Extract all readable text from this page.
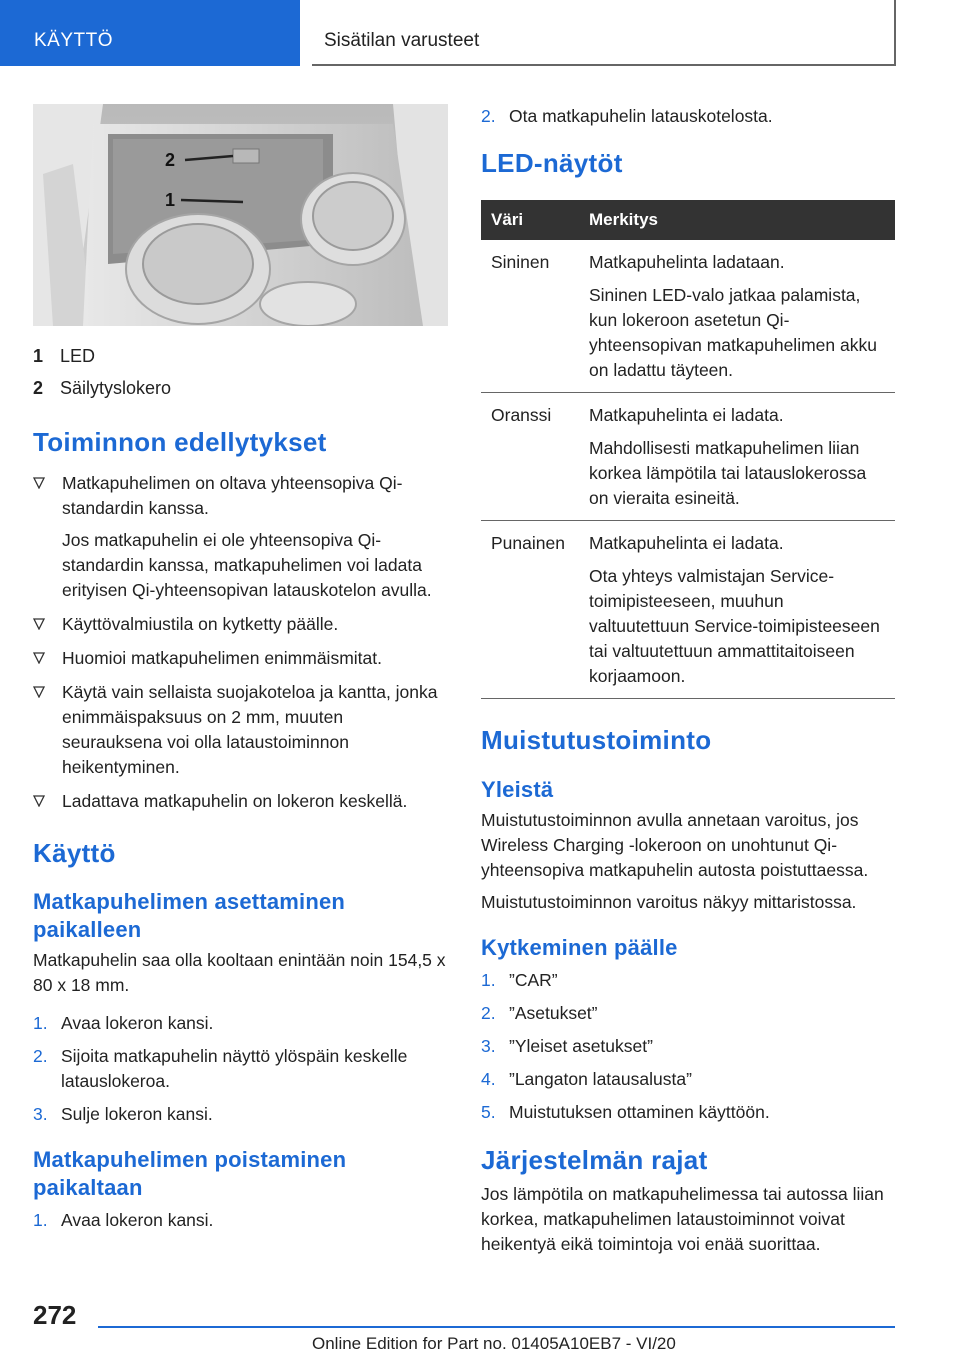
KÄYTTÖ	Sisätilan varusteet
2
1
1 LED
2 Säilytyslokero
Toiminnon edellytykset

Matkapuhelimen on oltava yhteensopiva Qi-standardin kanssa.

Jos matkapuhelin ei ole yhteensopiva Qi-standardin kanssa, matkapuhelimen voi ladata erityisen Qi-yhteensopivan latauskotelon avulla.

Käyttövalmiustila on kytketty päälle.

Huomioi matkapuhelimen enimmäismitat.

Käytä vain sellaista suojakoteloa ja kantta, jonka enimmäispaksuus on 2 mm, muuten seurauksena voi olla lataustoiminnon heikentyminen.

Ladattava matkapuhelin on lokeron keskellä.

Käyttö
Matkapuhelimen asettaminen paikalleen

Matkapuhelin saa olla kooltaan enintään noin 154,5 x 80 x 18 mm.

1. Avaa lokeron kansi.
2. Sijoita matkapuhelin näyttö ylöspäin keskelle latauslokeroa.
3. Sulje lokeron kansi.
Matkapuhelimen poistaminen paikaltaan
1. Avaa lokeron kansi.
2. Ota matkapuhelin latauskotelosta.
LED-näytöt
Väri	Merkitys
Sininen	Matkapuhelinta ladataan.
Sininen LED-valo jatkaa palamista, kun lokeroon asetetun Qi-yhteensopivan matkapuhelimen akku on ladattu täyteen.

Oranssi	Matkapuhelinta ei ladata.
Mahdollisesti matkapuhelimen liian korkea lämpötila tai latauslokerossa on vieraita esineitä.

Punainen	Matkapuhelinta ei ladata.
Ota yhteys valmistajan Service-toimipisteeseen, muuhun valtuutettuun Service-toimipisteeseen tai valtuutettuun ammattitaitoiseen korjaamoon.
Muistutustoiminto
Yleistä

Muistutustoiminnon avulla annetaan varoitus, jos Wireless Charging -lokeroon on unohtunut Qi-yhteensopiva matkapuhelin autosta poistuttaessa.

Muistutustoiminnon varoitus näkyy mittaristossa.

Kytkeminen päälle
1. ”CAR”
2. ”Asetukset”
3. ”Yleiset asetukset”
4. ”Langaton latausalusta”
5. Muistutuksen ottaminen käyttöön.
Järjestelmän rajat

Jos lämpötila on matkapuhelimessa tai autossa liian korkea, matkapuhelimen lataustoiminnot voivat heikentyä eikä toimintoja voi enää suorittaa.

272
Online Edition for Part no. 01405A10EB7 - VI/20
